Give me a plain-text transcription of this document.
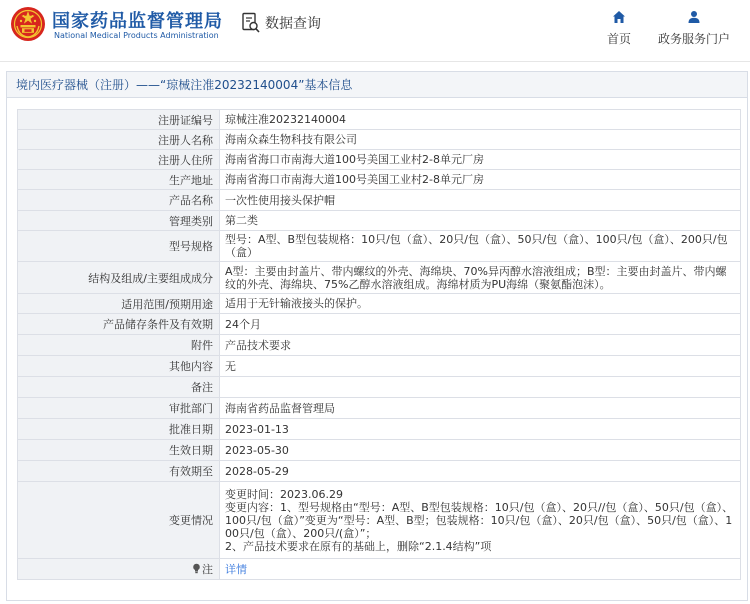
国家药品监督管理局
National Medical Products Administration
数据查询
首页 政务服务门户
境内医疗器械（注册）——“琼械注准20232140004”基本信息
注册证编号	琼械注准20232140004
注册人名称	海南众森生物科技有限公司
注册人住所	海南省海口市南海大道100号美国工业村2-8单元厂房
生产地址	海南省海口市南海大道100号美国工业村2-8单元厂房
产品名称	一次性使用接头保护帽
管理类别	第二类
型号规格	型号：A型、B型包装规格：10只/包（盒）、20只/包（盒）、50只/包（盒）、100只/包（盒）、200只/包（盒）
结构及组成/主要组成成分	A型：主要由封盖片、带内螺纹的外壳、海绵块、70%异丙醇水溶液组成；B型：主要由封盖片、带内螺纹的外壳、海绵块、75%乙醇水溶液组成。海绵材质为PU海绵（聚氨酯泡沫）。
适用范围/预期用途	适用于无针输液接头的保护。
产品储存条件及有效期	24个月
附件	产品技术要求
其他内容	无
备注	
审批部门	海南省药品监督管理局
批准日期	2023-01-13
生效日期	2023-05-30
有效期至	2028-05-29
变更情况	变更时间：2023.06.29
变更内容：1、型号规格由“型号：A型、B型包装规格：10只/包（盒）、20只//包（盒）、50只/包（盒）、100只/包（盒）”变更为“型号：A型、B型；包装规格：10只/包（盒）、20只/包（盒）、50只/包（盒）、100只/包（盒）、200只/(盒）”；
2、产品技术要求在原有的基础上，删除“2.1.4结构”项
注	详情
